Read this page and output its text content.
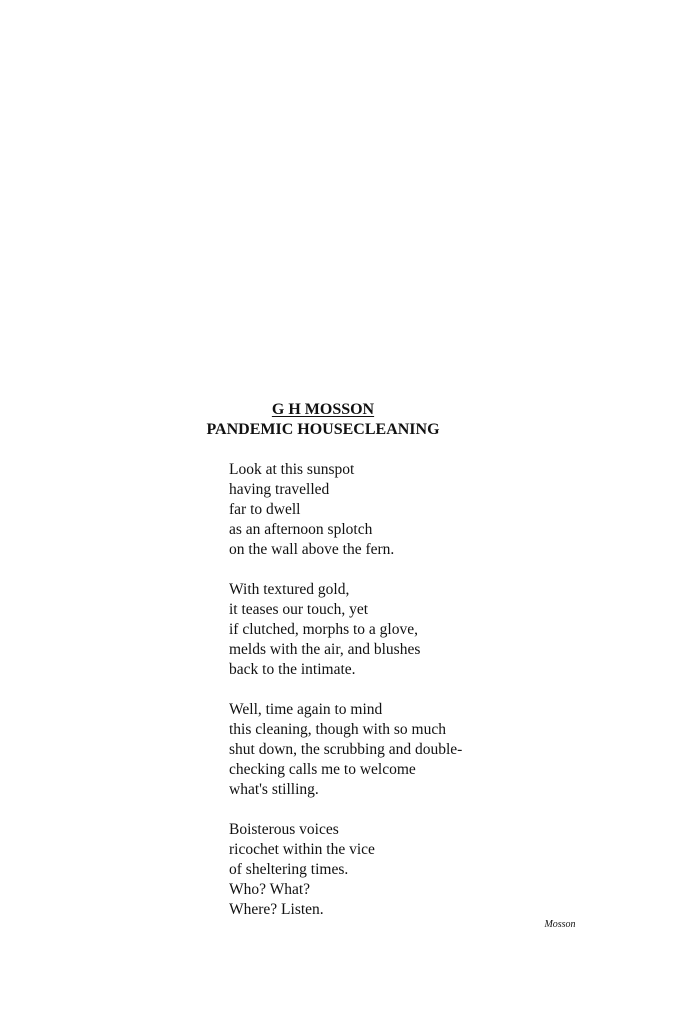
G H MOSSON
PANDEMIC HOUSECLEANING
Look at this sunspot
having travelled
far to dwell
as an afternoon splotch
on the wall above the fern.
With textured gold,
it teases our touch, yet
if clutched, morphs to a glove,
melds with the air, and blushes
back to the intimate.
Well, time again to mind
this cleaning, though with so much
shut down, the scrubbing and double-
checking calls me to welcome
what's stilling.
Boisterous voices
ricochet within the vice
of sheltering times.
Who? What?
Where? Listen.
Mosson
